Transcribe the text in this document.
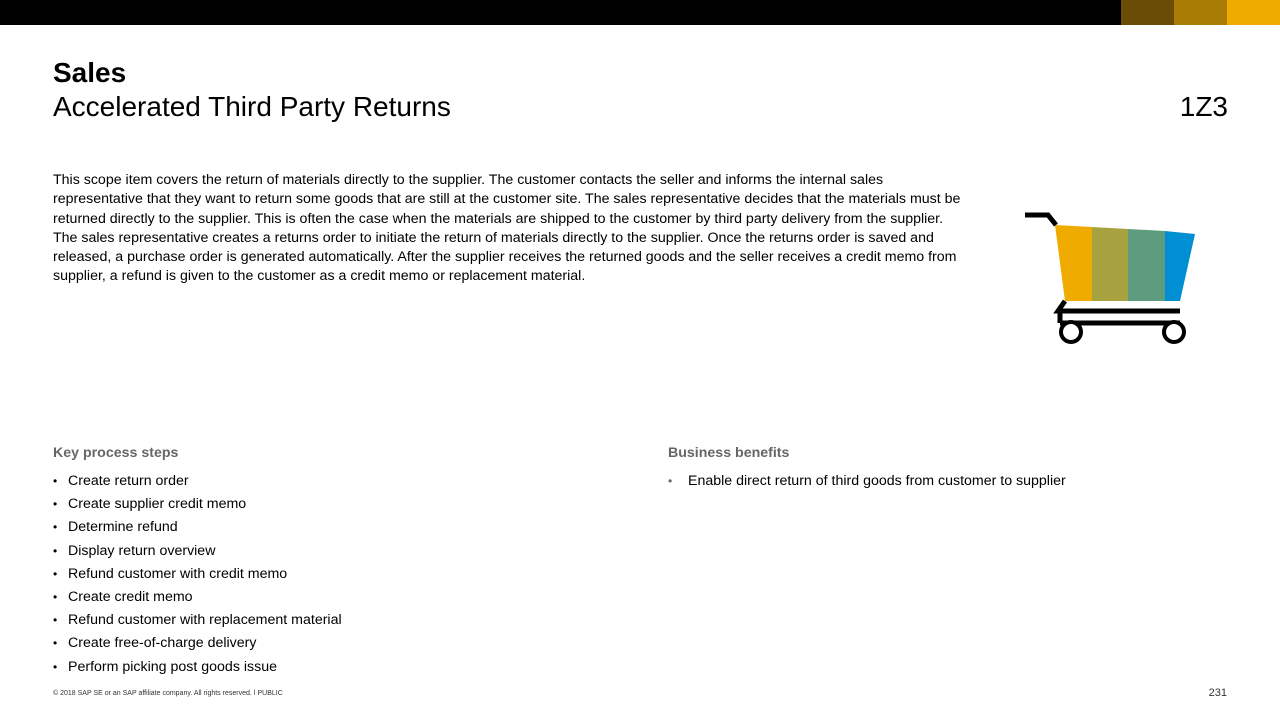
Sales
Accelerated Third Party Returns	1Z3

This scope item covers the return of materials directly to the supplier. The customer contacts the seller and informs the internal sales representative that they want to return some goods that are still at the customer site. The sales representative decides that the materials must be returned directly to the supplier. This is often the case when the materials are shipped to the customer by third party delivery from the supplier. The sales representative creates a returns order to initiate the return of materials directly to the supplier. Once the returns order is saved and released, a purchase order is generated automatically. After the supplier receives the returned goods and the seller receives a credit memo from supplier, a refund is given to the customer as a credit memo or replacement material.

Key process steps
• Create return order
• Create supplier credit memo
• Determine refund
• Display return overview
• Refund customer with credit memo
• Create credit memo
• Refund customer with replacement material
• Create free-of-charge delivery
• Perform picking post goods issue
Business benefits
• Enable direct return of third goods from customer to supplier
© 2018 SAP SE or an SAP affiliate company. All rights reserved. ǀ PUBLIC	231
